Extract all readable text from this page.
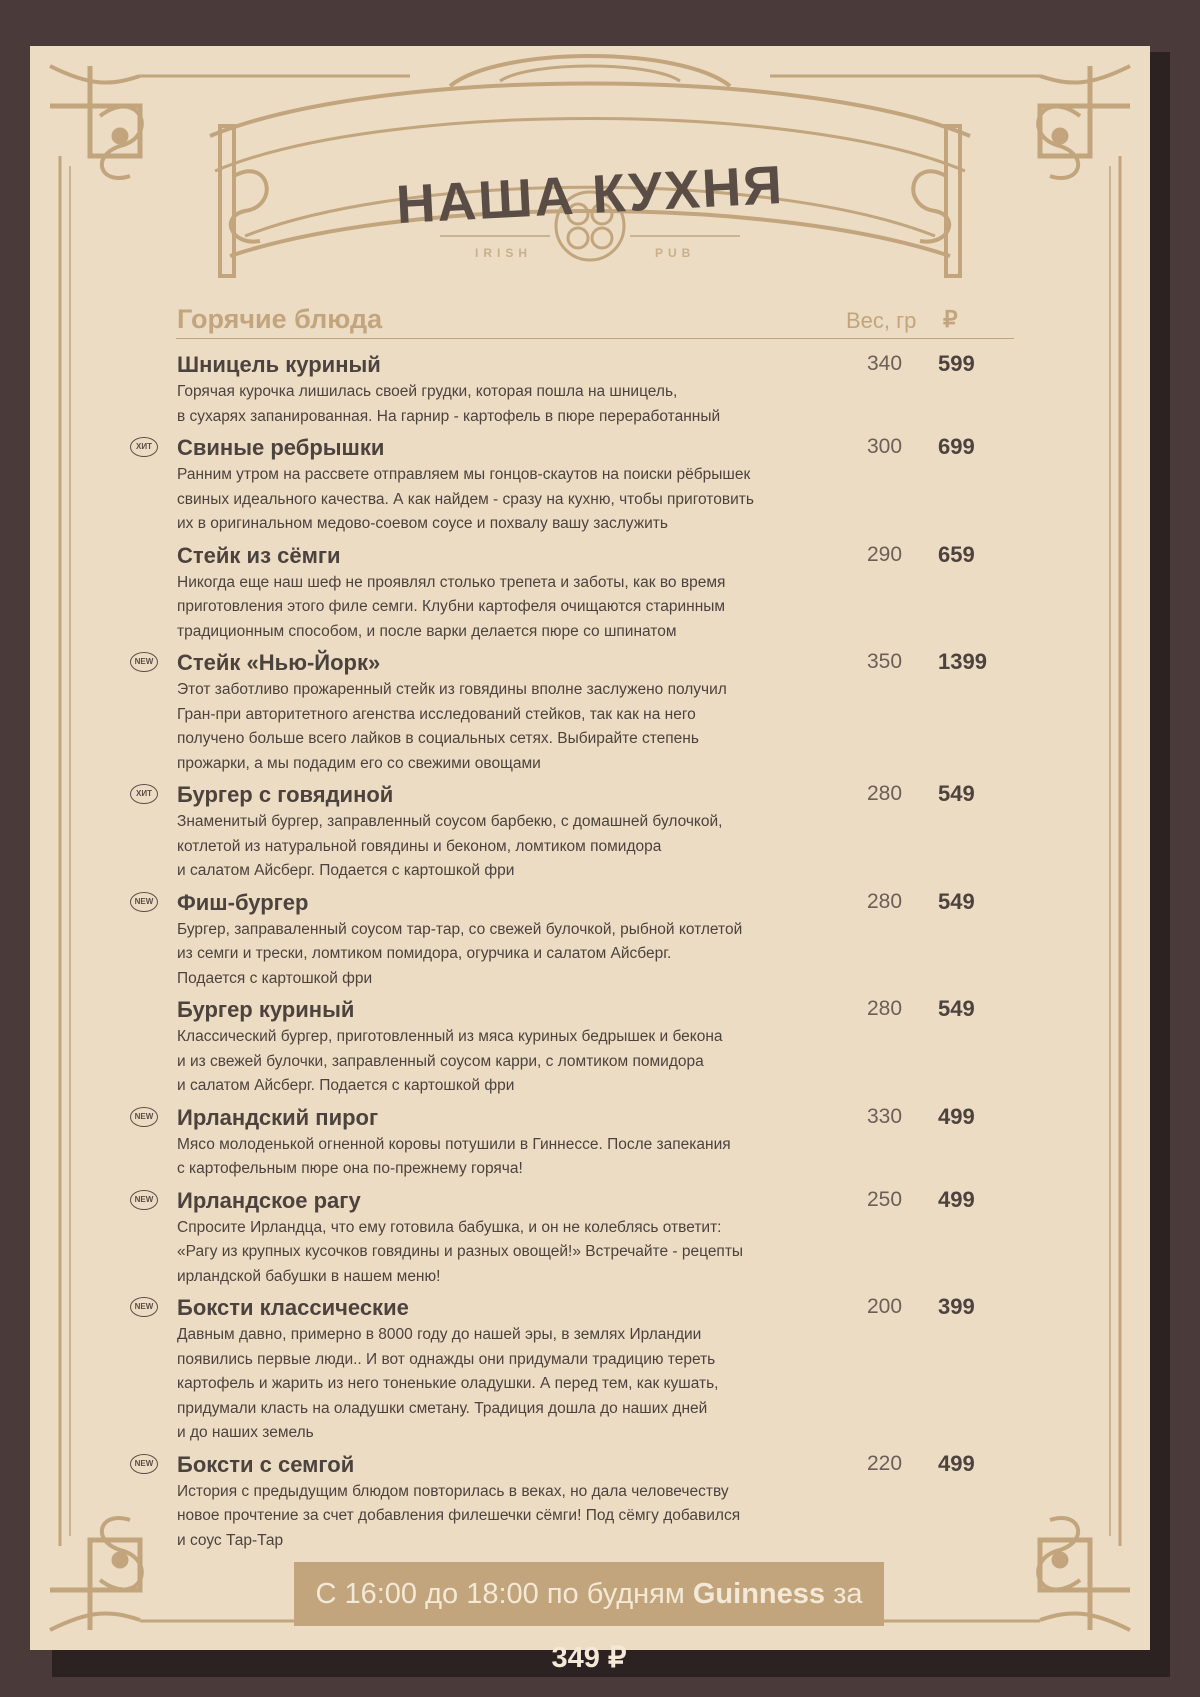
НАША КУХНЯ
IRISH	PUB
Горячие блюда	Вес, гр ₽
Шницель куриный
Горячая курочка лишилась своей грудки, которая пошла на шницель,
в сухарях запанированная. На гарнир - картофель в пюре переработанный
340 599
ХИТ Свиные ребрышки
Ранним утром на рассвете отправляем мы гонцов-скаутов на поиски рёбрышек
свиных идеального качества. А как найдем - сразу на кухню, чтобы приготовить
их в оригинальном медово-соевом соусе и похвалу вашу заслужить
300 699
Стейк из сёмги
Никогда еще наш шеф не проявлял столько трепета и заботы, как во время
приготовления этого филе семги. Клубни картофеля очищаются старинным
традиционным способом, и после варки делается пюре со шпинатом
290 659
NEW Стейк «Нью-Йорк»
Этот заботливо прожаренный стейк из говядины вполне заслужено получил
Гран-при авторитетного агенства исследований стейков, так как на него
получено больше всего лайков в социальных сетях. Выбирайте степень
прожарки, а мы подадим его со свежими овощами
350 1399
ХИТ Бургер с говядиной
Знаменитый бургер, заправленный соусом барбекю, с домашней булочкой,
котлетой из натуральной говядины и беконом, ломтиком помидора
и салатом Айсберг. Подается с картошкой фри
280 549
NEW Фиш-бургер
Бургер, заправаленный соусом тар-тар, со свежей булочкой, рыбной котлетой
из семги и трески, ломтиком помидора, огурчика и салатом Айсберг.
Подается с картошкой фри
280 549
Бургер куриный
Классический бургер, приготовленный из мяса куриных бедрышек и бекона
и из свежей булочки, заправленный соусом карри, с ломтиком помидора
и салатом Айсберг. Подается с картошкой фри
280 549
NEW Ирландский пирог
Мясо молоденькой огненной коровы потушили в Гиннессе. После запекания
с картофельным пюре она по-прежнему горяча!
330 499
NEW Ирландское рагу
Спросите Ирландца, что ему готовила бабушка, и он не колеблясь ответит:
«Рагу из крупных кусочков говядины и разных овощей!» Встречайте - рецепты
ирландской бабушки в нашем меню!
250 499
NEW Боксти классические
Давным давно, примерно в 8000 году до нашей эры, в землях Ирландии
появились первые люди.. И вот однажды они придумали традицию тереть
картофель и жарить из него тоненькие оладушки. А перед тем, как кушать,
придумали класть на оладушки сметану. Традиция дошла до наших дней
и до наших земель
200 399
NEW Боксти с семгой
История с предыдущим блюдом повторилась в веках, но дала человечеству
новое прочтение за счет добавления филешечки сёмги! Под сёмгу добавился
и соус Тар-Тар
220 499
С 16:00 до 18:00 по будням Guinness за 349 ₽
